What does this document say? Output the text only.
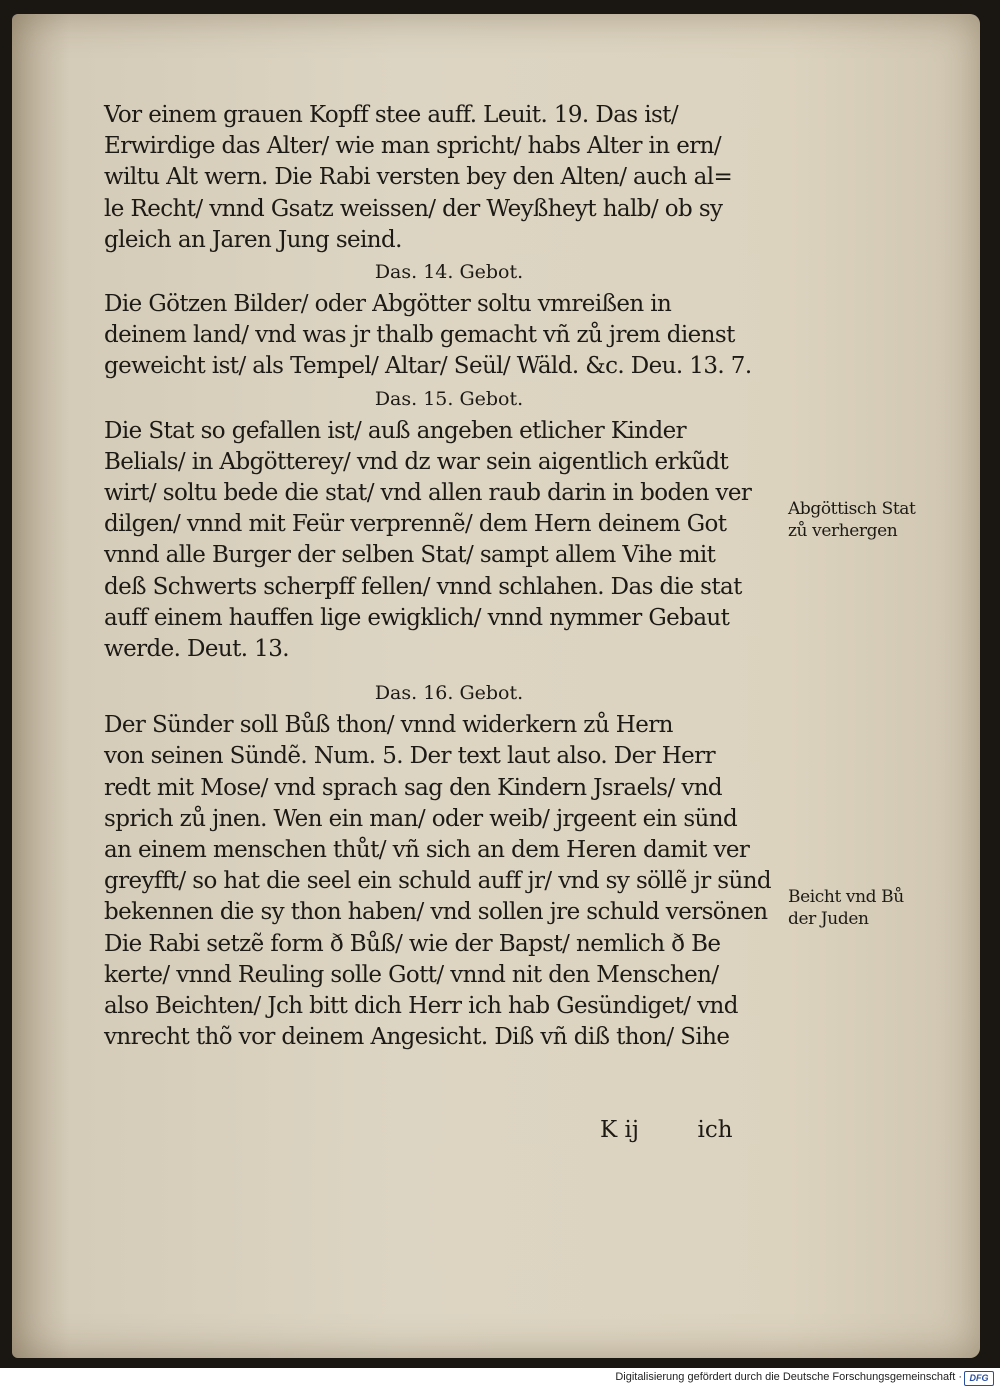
Vor einem grauen Kopff stee auff. Leuit. 19. Das ist/
Erwirdige das Alter/ wie man spricht/ habs Alter in ern/
wiltu Alt wern. Die Rabi versten bey den Alten/ auch al=
le Recht/ vnnd Gsatz weissen/ der Weyßheyt halb/ ob sy
gleich an Jaren Jung seind.
Das. 14. Gebot.
Die Götzen Bilder/ oder Abgötter soltu vmreißen in
deinem land/ vnd was jr thalb gemacht vñ zů jrem dienst
geweicht ist/ als Tempel/ Altar/ Seül/ Wäld. &c. Deu. 13. 7.
Das. 15. Gebot.
Die Stat so gefallen ist/ auß angeben etlicher Kinder
Belials/ in Abgötterey/ vnd dz war sein aigentlich erkũdt
wirt/ soltu bede die stat/ vnd allen raub darin in boden ver
dilgen/ vnnd mit Feür verprennẽ/ dem Hern deinem Got
vnnd alle Burger der selben Stat/ sampt allem Vihe mit
deß Schwerts scherpff fellen/ vnnd schlahen. Das die stat
auff einem hauffen lige ewigklich/ vnnd nymmer Gebaut
werde. Deut. 13.
Das. 16. Gebot.
Der Sünder soll Bůß thon/ vnnd widerkern zů Hern
von seinen Sündẽ. Num. 5. Der text laut also. Der Herr
redt mit Mose/ vnd sprach sag den Kindern Jsraels/ vnd
sprich zů jnen. Wen ein man/ oder weib/ jrgeent ein sünd
an einem menschen thůt/ vñ sich an dem Heren damit ver
greyfft/ so hat die seel ein schuld auff jr/ vnd sy söllẽ jr sünd
bekennen die sy thon haben/ vnd sollen jre schuld versönen
Die Rabi setzẽ form ð Bůß/ wie der Bapst/ nemlich ð Be
kerte/ vnnd Reuling solle Gott/ vnnd nit den Menschen/
also Beichten/ Jch bitt dich Herr ich hab Gesündiget/ vnd
vnrecht thõ vor deinem Angesicht. Diß vñ diß thon/ Sihe
K ij	ich
Abgöttisch Stat
zů verhergen
Beicht vnd Bů
der Juden
Digitalisierung gefördert durch die Deutsche Forschungsgemeinschaft · DFG
